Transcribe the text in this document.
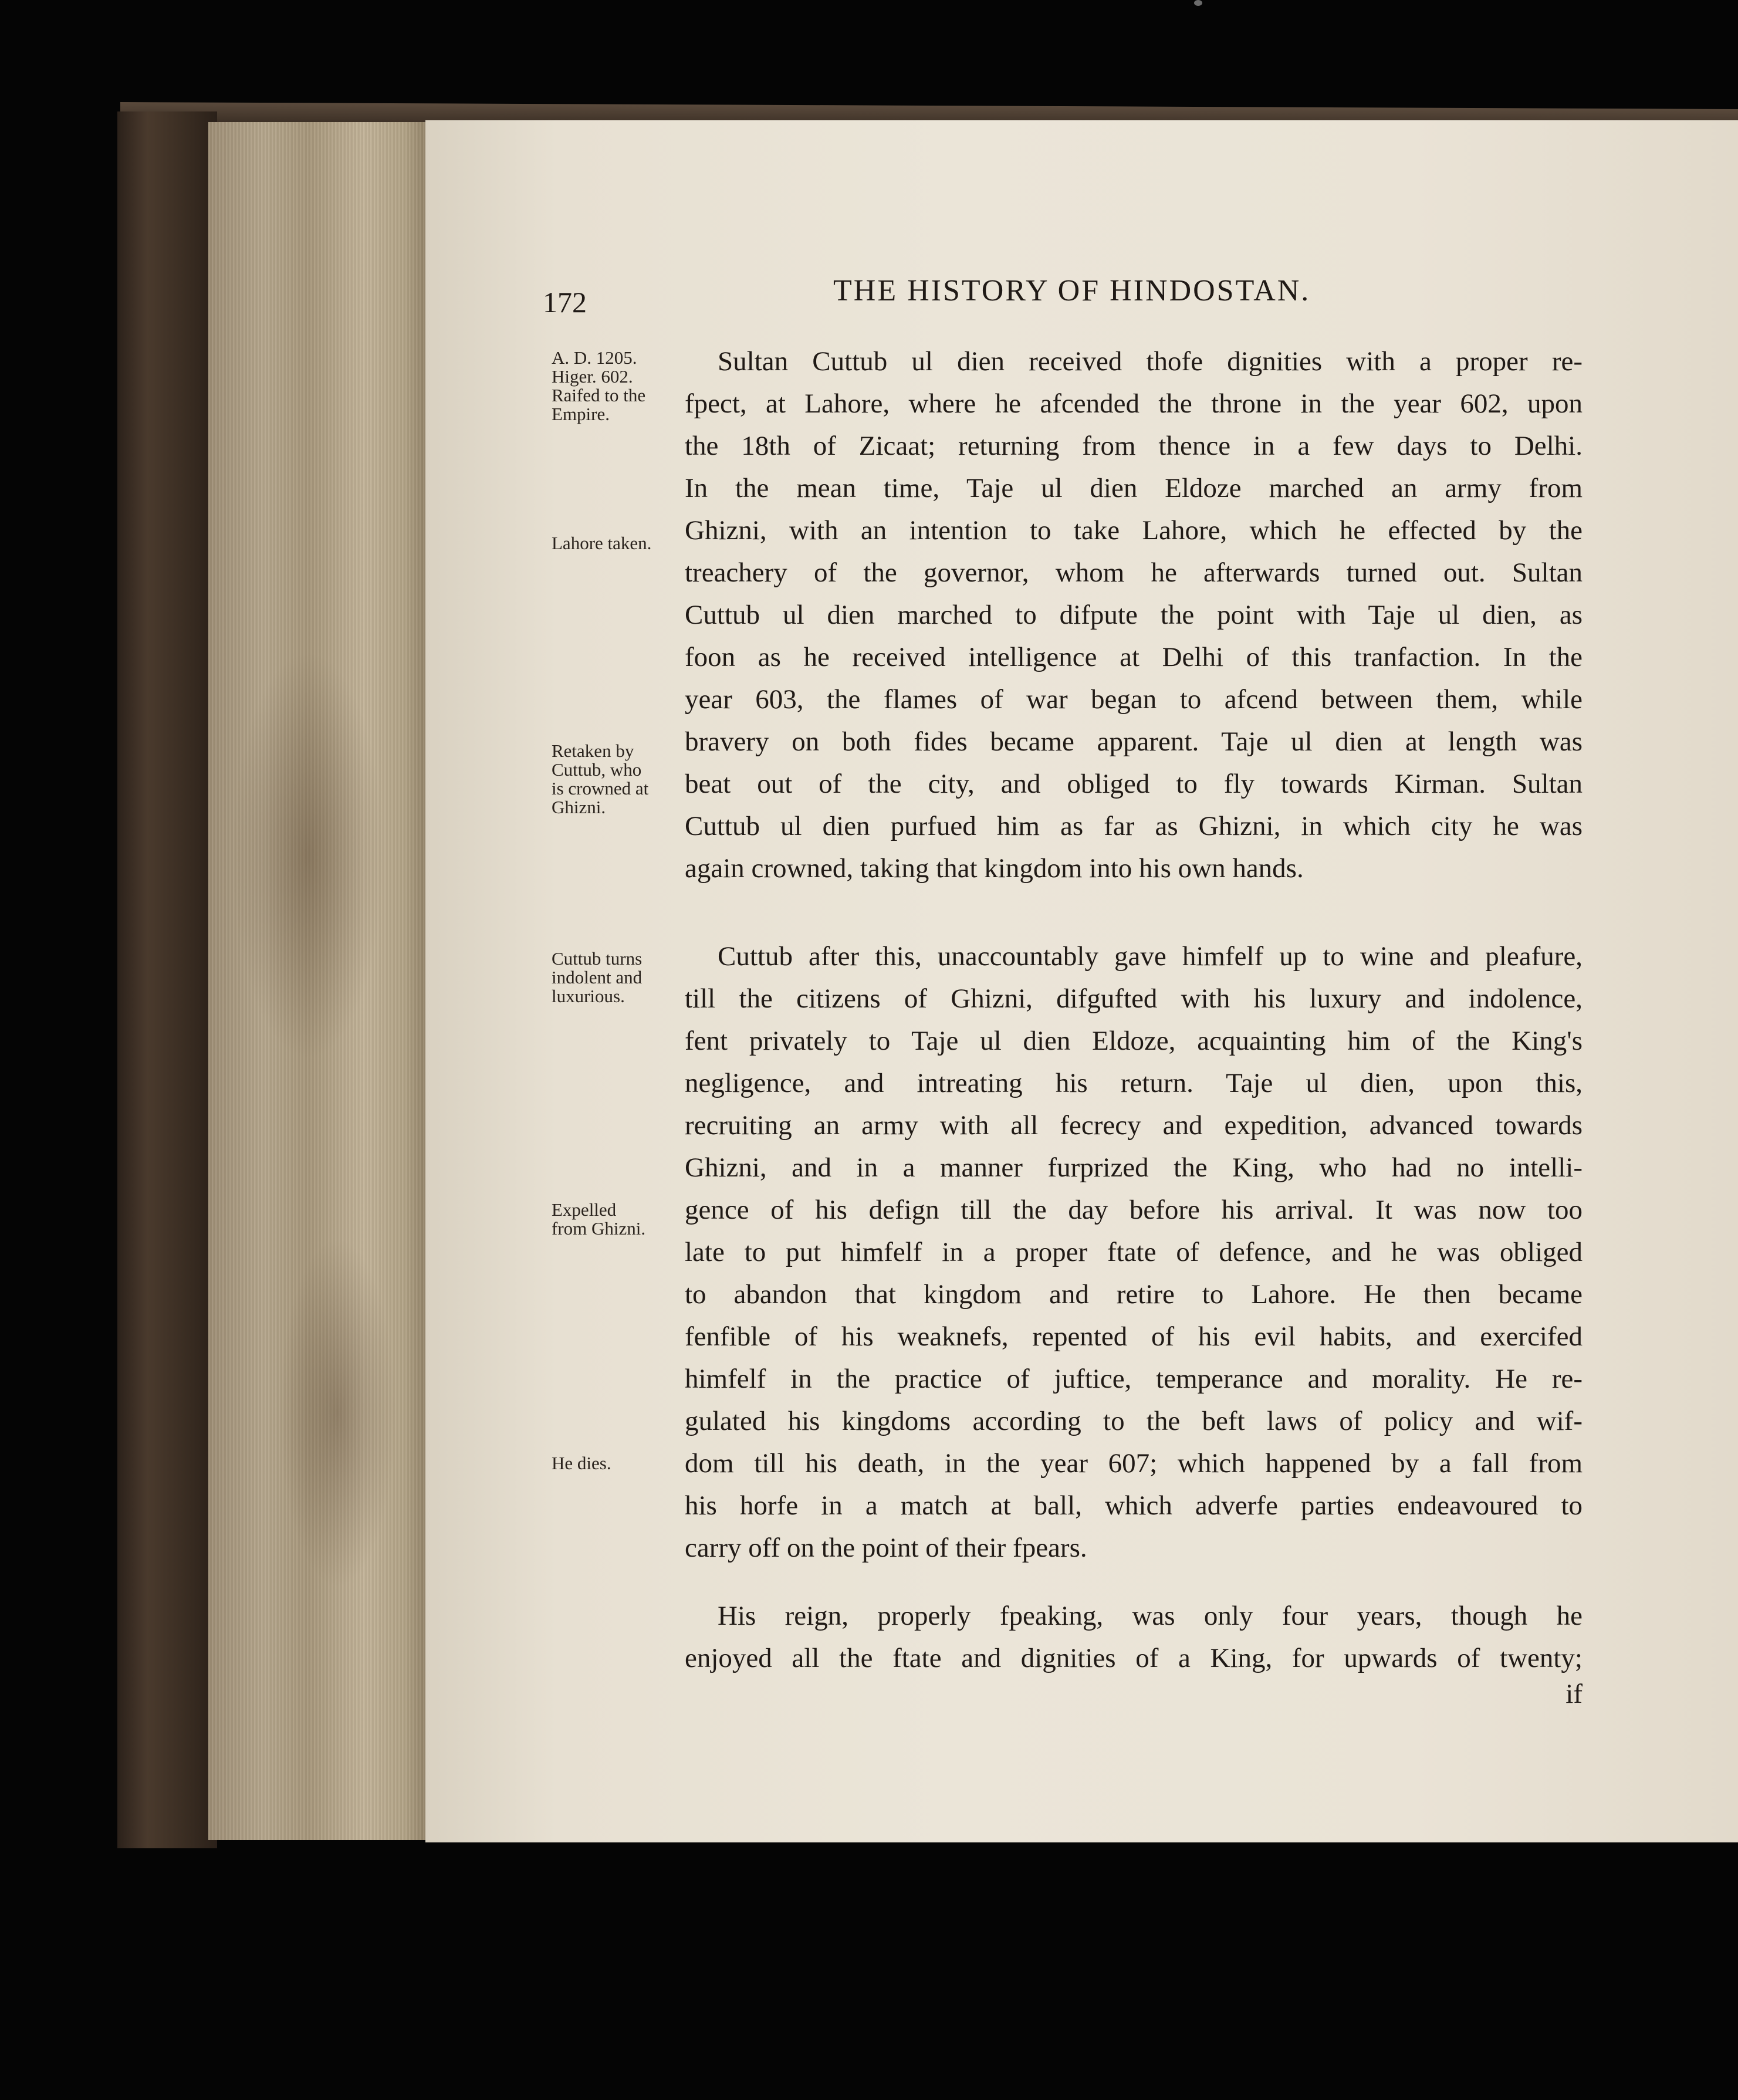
172	THE HISTORY OF HINDOSTAN.
A. D. 1205.
Higer. 602.
Raifed to the
Empire.
Lahore taken.
Retaken by
Cuttub, who
is crowned at
Ghizni.
Cuttub turns
indolent and
luxurious.
Expelled
from Ghizni.
He dies.
Sultan Cuttub ul dien received thofe dignities with a proper re-
fpect, at Lahore, where he afcended the throne in the year 602, upon
the 18th of Zicaat; returning from thence in a few days to Delhi.
In the mean time, Taje ul dien Eldoze marched an army from
Ghizni, with an intention to take Lahore, which he effected by the
treachery of the governor, whom he afterwards turned out. Sultan
Cuttub ul dien marched to difpute the point with Taje ul dien, as
foon as he received intelligence at Delhi of this tranfaction. In the
year 603, the flames of war began to afcend between them, while
bravery on both fides became apparent. Taje ul dien at length was
beat out of the city, and obliged to fly towards Kirman. Sultan
Cuttub ul dien purfued him as far as Ghizni, in which city he was
again crowned, taking that kingdom into his own hands.
Cuttub after this, unaccountably gave himfelf up to wine and pleafure,
till the citizens of Ghizni, difgufted with his luxury and indolence,
fent privately to Taje ul dien Eldoze, acquainting him of the King's
negligence, and intreating his return. Taje ul dien, upon this,
recruiting an army with all fecrecy and expedition, advanced towards
Ghizni, and in a manner furprized the King, who had no intelli-
gence of his defign till the day before his arrival. It was now too
late to put himfelf in a proper ftate of defence, and he was obliged
to abandon that kingdom and retire to Lahore. He then became
fenfible of his weaknefs, repented of his evil habits, and exercifed
himfelf in the practice of juftice, temperance and morality. He re-
gulated his kingdoms according to the beft laws of policy and wif-
dom till his death, in the year 607; which happened by a fall from
his horfe in a match at ball, which adverfe parties endeavoured to
carry off on the point of their fpears.
His reign, properly fpeaking, was only four years, though he
enjoyed all the ftate and dignities of a King, for upwards of twenty;
if
